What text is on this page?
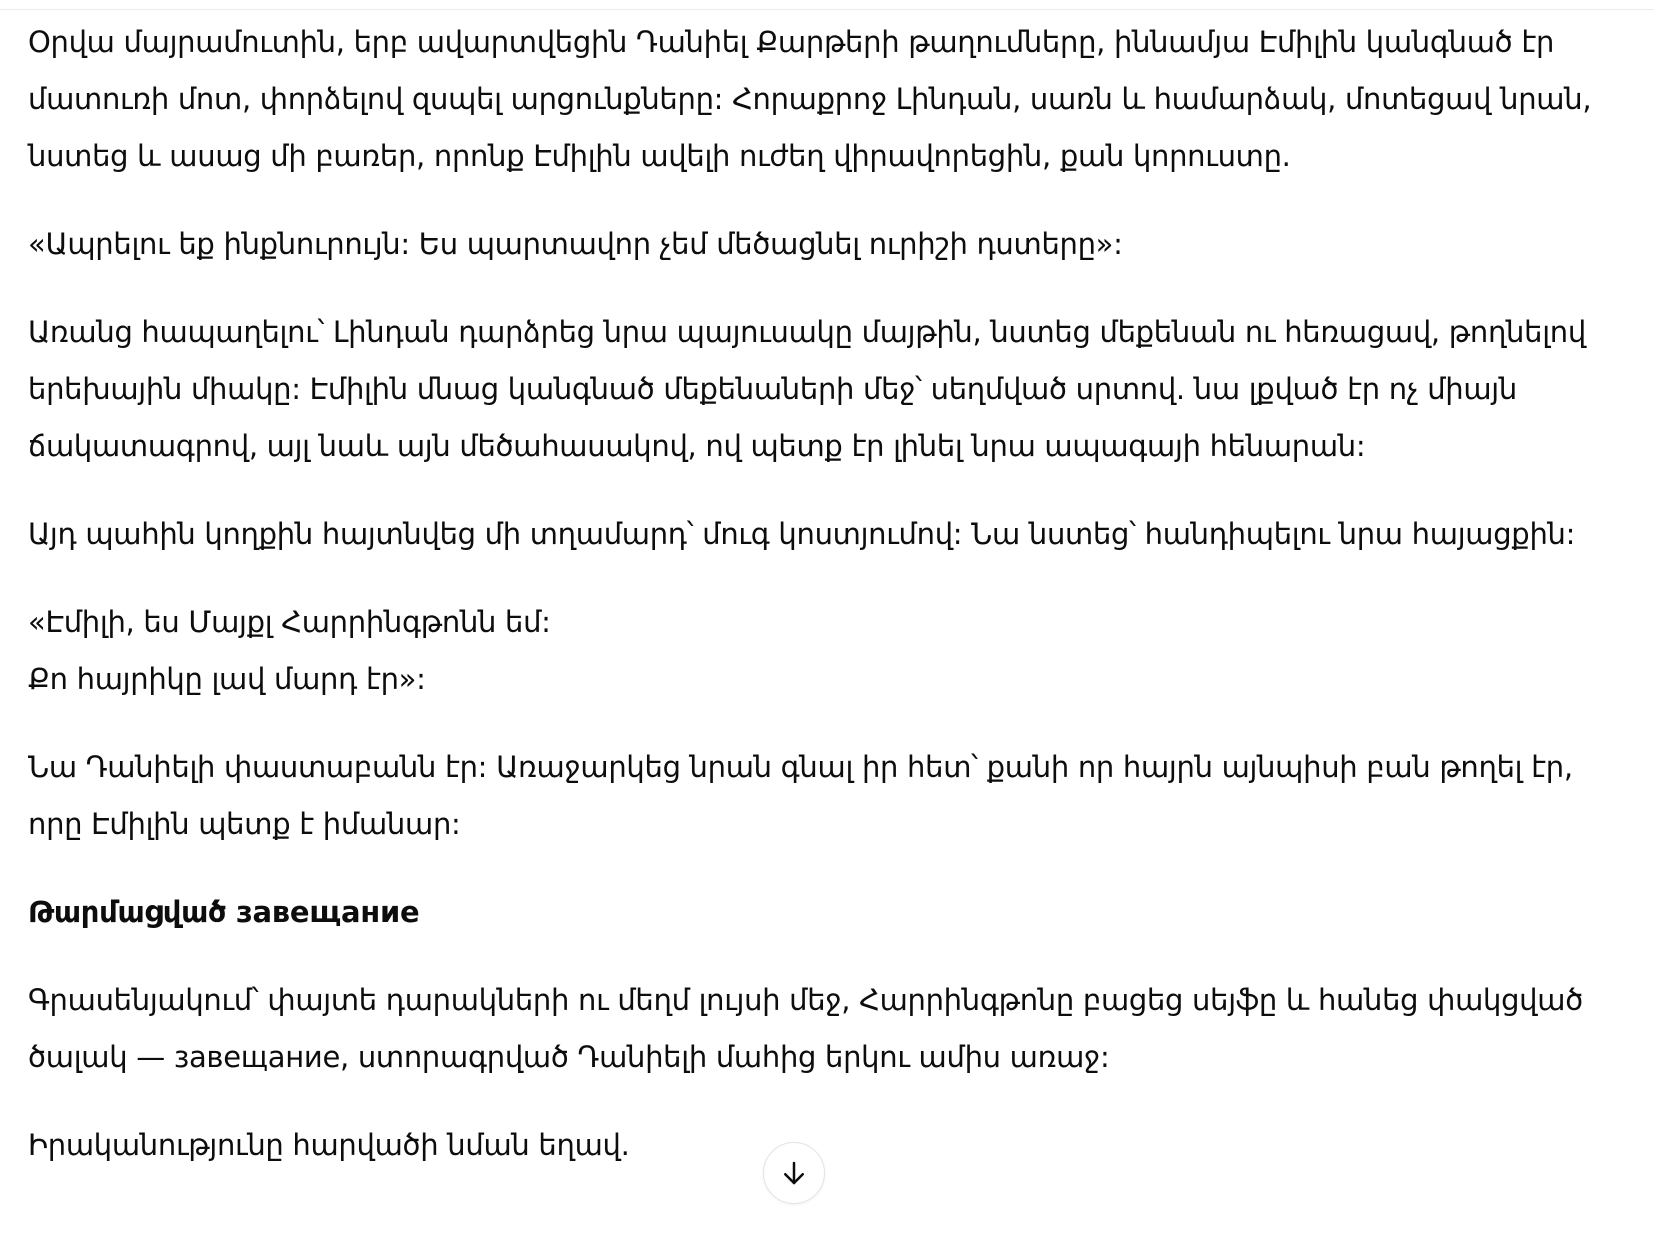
Օրվա մայրամուտին, երբ ավարտվեցին Դանիել Քարթերի թաղումները, իննամյա Էմիլին կանգնած էր մատուռի մոտ, փորձելով զսպել արցունքները: Հորաքրոջ Լինդան, սառն և համարձակ, մոտեցավ նրան, նստեց և ասաց մի բառեր, որոնք Էմիլին ավելի ուժեղ վիրավորեցին, քան կորուստը.

«Ապրելու եք ինքնուրույն: Ես պարտավոր չեմ մեծացնել ուրիշի դստերը»:

Առանց հապաղելու՝ Լինդան դարձրեց նրա պայուսակը մայթին, նստեց մեքենան ու հեռացավ, թողնելով երեխային միակը: Էմիլին մնաց կանգնած մեքենաների մեջ՝ սեղմված սրտով. նա լքված էր ոչ միայն ճակատագրով, այլ նաև այն մեծահասակով, ով պետք էր լինել նրա ապագայի հենարան:

Այդ պահին կողքին հայտնվեց մի տղամարդ՝ մուգ կոստյումով: Նա նստեց՝ հանդիպելու նրա հայացքին:

«Էմիլի, ես Մայքլ Հարրինգթոնն եմ:
Քո հայրիկը լավ մարդ էր»:

Նա Դանիելի փաստաբանն էր: Առաջարկեց նրան գնալ իր հետ՝ քանի որ հայրն այնպիսի բան թողել էր, որը Էմիլին պետք է իմանար:

Թարմացված завещание

Գրասենյակում՝ փայտե դարակների ու մեղմ լույսի մեջ, Հարրինգթոնը բացեց սեյֆը և հանեց փակցված ծալակ — завещание, ստորագրված Դանիելի մահից երկու ամիս առաջ:

Իրականությունը հարվածի նման եղավ.
